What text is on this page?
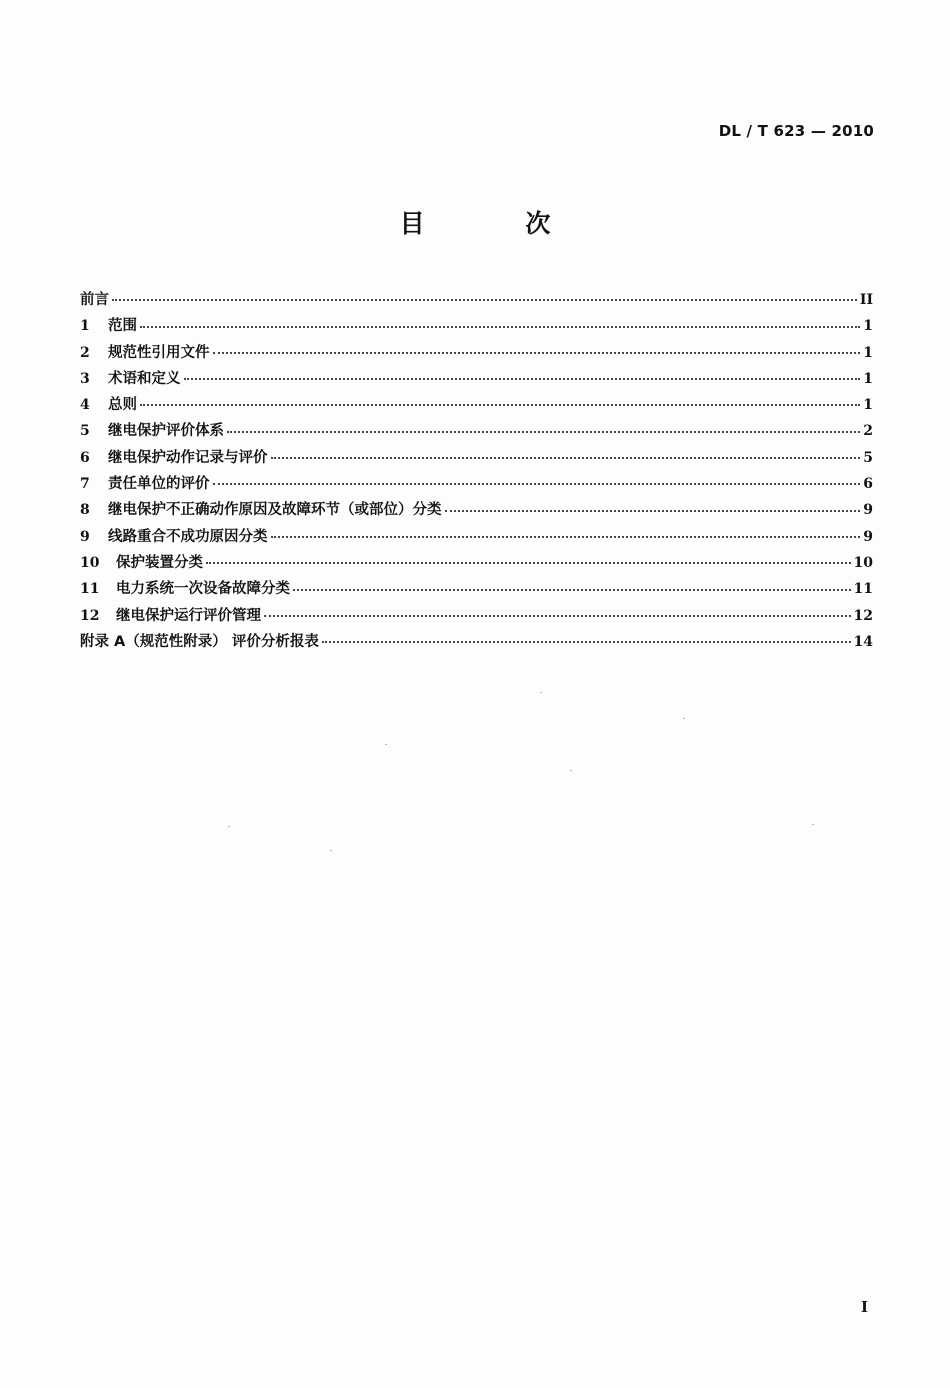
DL / T 623 — 2010
目 次
前言	II
1	范围	1
2	规范性引用文件	1
3	术语和定义	1
4	总则	1
5	继电保护评价体系	2
6	继电保护动作记录与评价	5
7	责任单位的评价	6
8	继电保护不正确动作原因及故障环节（或部位）分类	9
9	线路重合不成功原因分类	9
10	保护装置分类	10
11	电力系统一次设备故障分类	11
12	继电保护运行评价管理	12
附录 A（规范性附录） 评价分析报表	14
I
